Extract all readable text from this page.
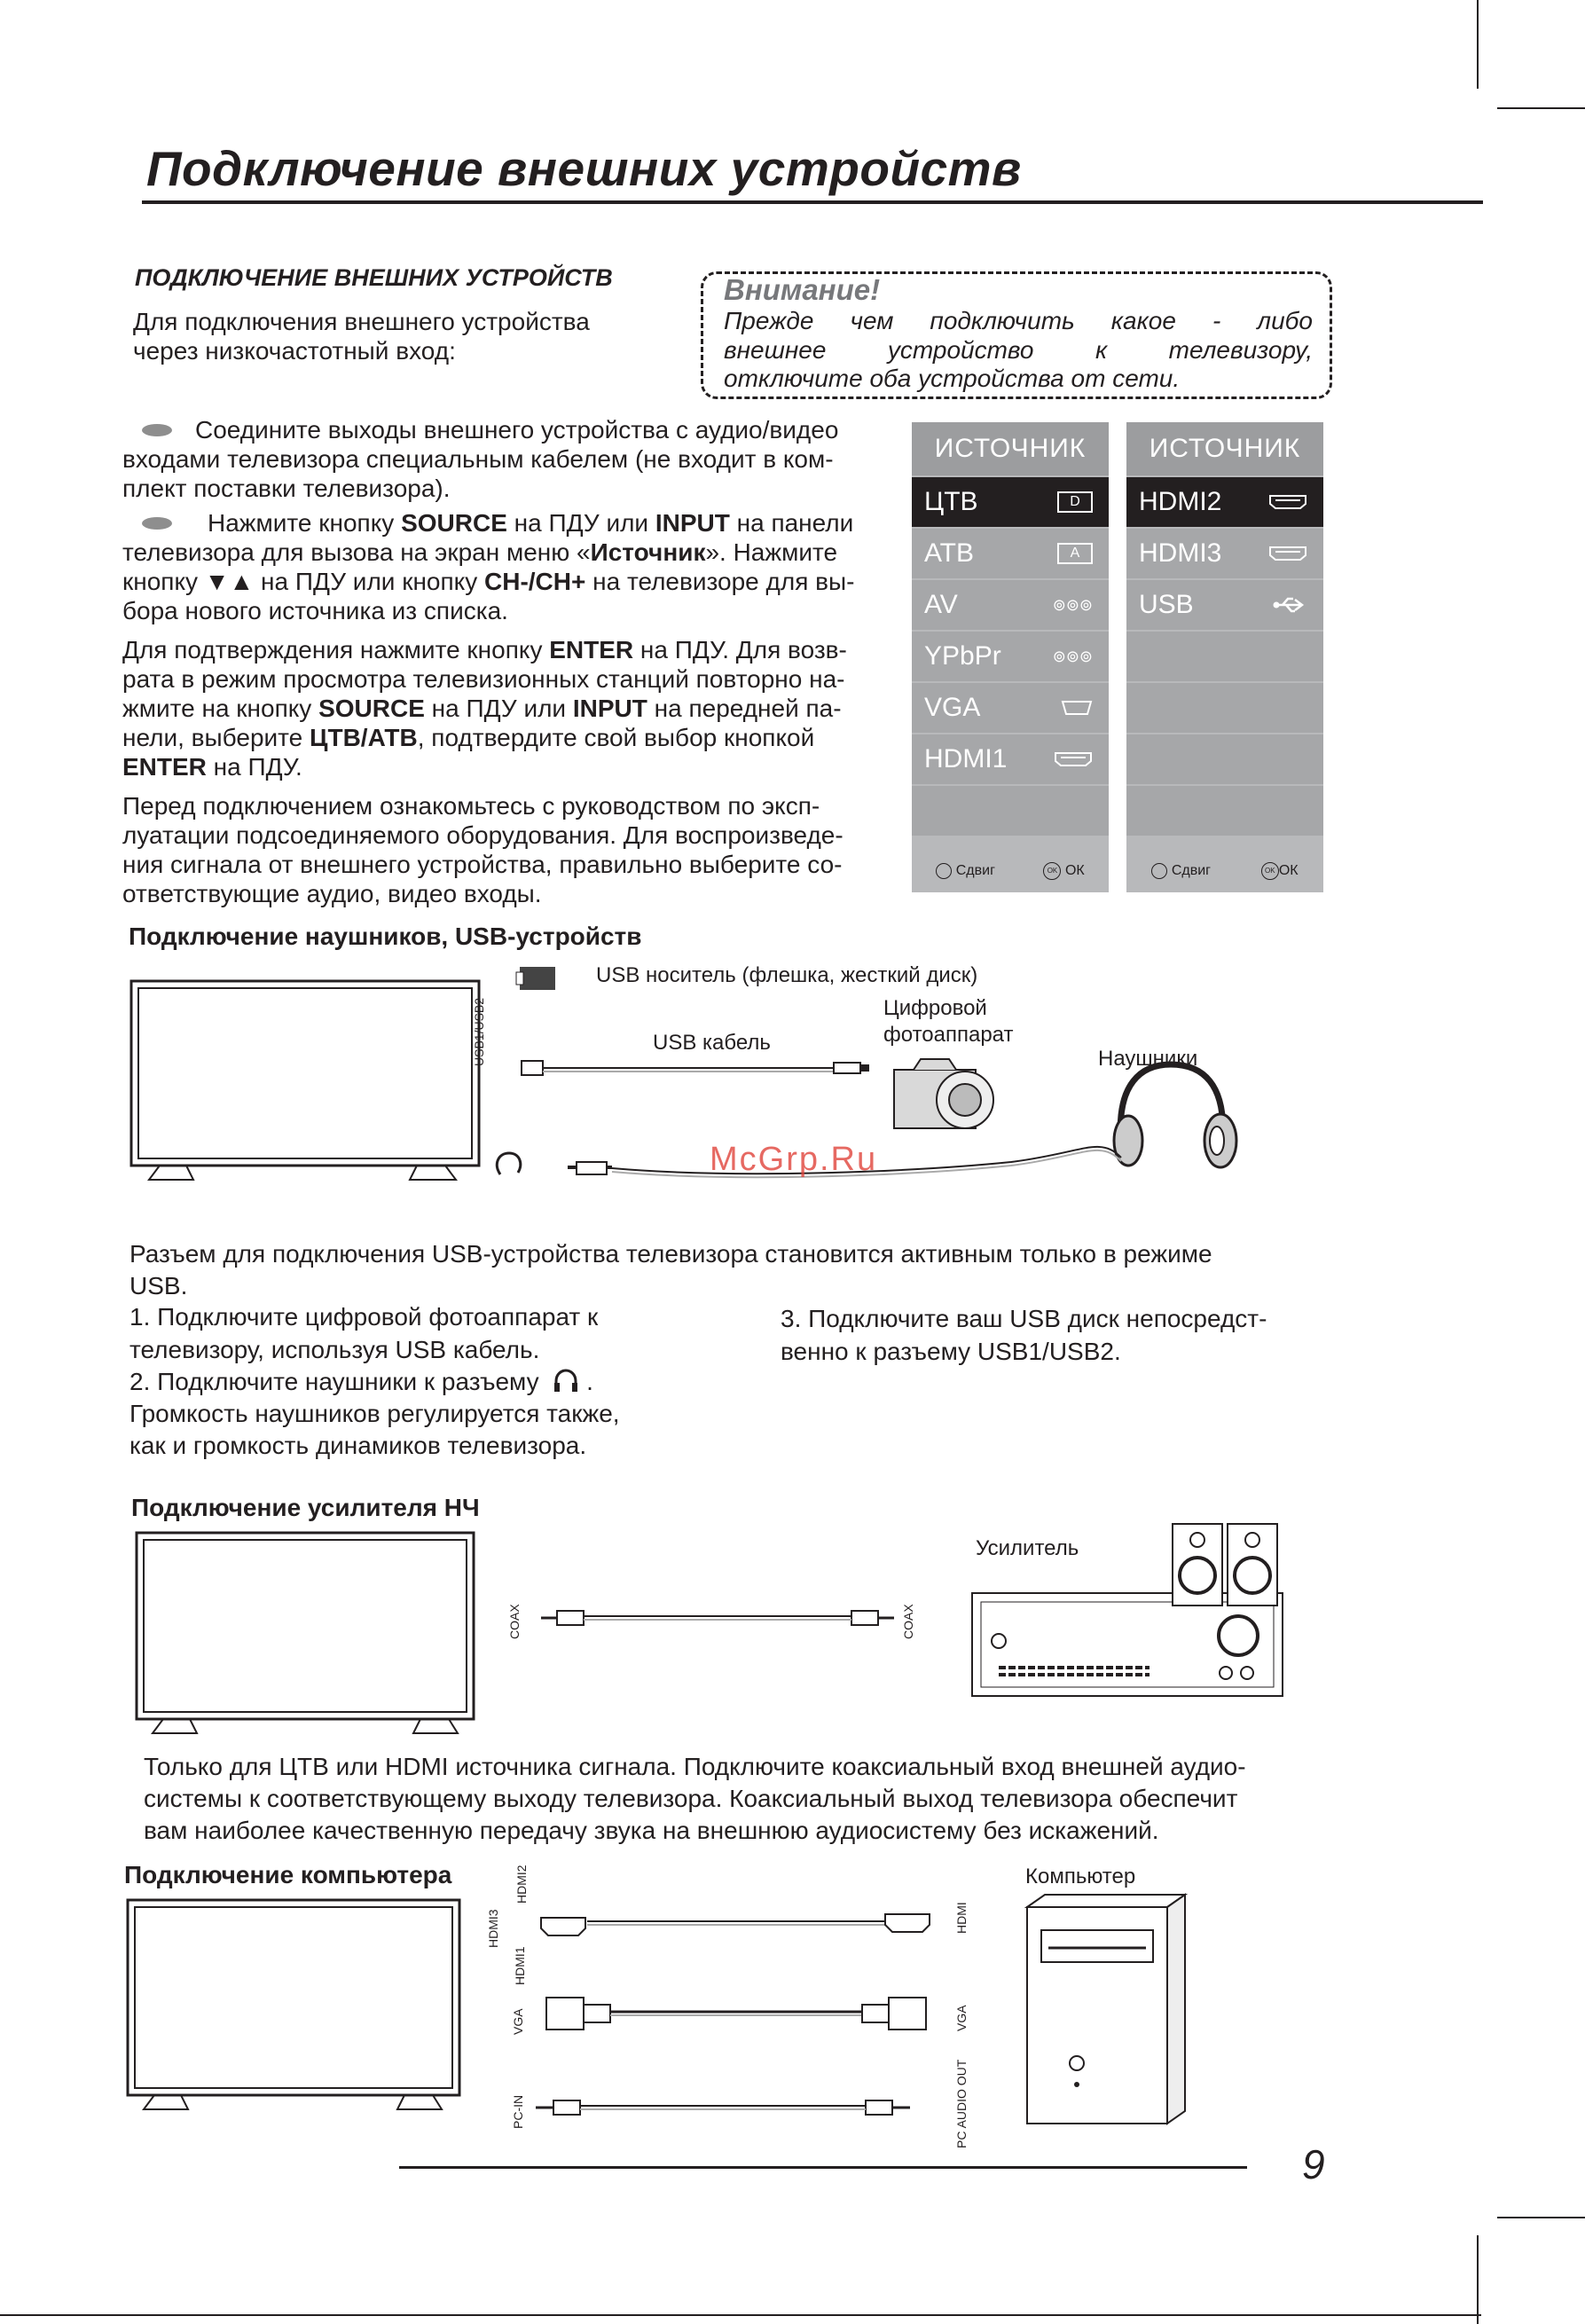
Подключение внешних устройств
ПОДКЛЮЧЕНИЕ ВНЕШНИХ УСТРОЙСТВ
Для подключения внешнего устройства
через низкочастотный вход:
Внимание!
Прежде чем подключить какое - либо
внешнее устройство к телевизору,
отключите оба устройства от сети.
Соедините выходы внешнего устройства с аудио/видео
входами телевизора специальным кабелем (не входит в ком-
плект поставки телевизора).
Нажмите кнопку SOURCE на ПДУ или INPUT на панели
телевизора для вызова на экран меню «Источник». Нажмите
кнопку ▼▲ на ПДУ или кнопку CH-/CH+ на телевизоре для вы-
бора нового источника из списка.
Для подтверждения нажмите кнопку ENTER на ПДУ. Для возв-
рата в режим просмотра телевизионных станций повторно на-
жмите на кнопку SOURCE на ПДУ или INPUT на передней па-
нели, выберите ЦТВ/АТВ, подтвердите свой выбор кнопкой
ENTER на ПДУ.
Перед подключением ознакомьтесь с руководством по эксп-
луатации подсоединяемого оборудования. Для воспроизведе-
ния сигнала от внешнего устройства, правильно выберите со-
ответствующие аудио, видео входы.
ИСТОЧНИК
ЦТВ	D
АТВ	A
AV	⊚⊚⊚
YPbPr	⊚⊚⊚
VGA
HDMI1
Сдвиг	OK ОК
ИСТОЧНИК
HDMI2
HDMI3
USB
Сдвиг	OK ОК
Подключение наушников, USB-устройств
USB1/USB2
USB носитель (флешка, жесткий диск)
USB кабель
Цифровой
фотоаппарат
Наушники
McGrp.Ru
Разъем для подключения USB-устройства телевизора становится активным только в режиме
USB.
1. Подключите цифровой фотоаппарат к
телевизору, используя USB кабель.
2. Подключите наушники к разъему  .
Громкость наушников регулируется также,
как и громкость динамиков телевизора.
3. Подключите ваш USB диск непосредст-
венно к разъему USB1/USB2.
Подключение усилителя НЧ
COAX	COAX
Усилитель
Только для ЦТВ или HDMI источника сигнала. Подключите коаксиальный вход внешней аудио-
системы к соответствующему выходу телевизора. Коаксиальный выход телевизора обеспечит
вам наиболее качественную передачу звука на внешнюю аудиосистему без искажений.
Подключение компьютера	Компьютер
HDMI2
HDMI3
HDMI1
VGA
PC-IN
HDMI
VGA
PC AUDIO OUT
9
